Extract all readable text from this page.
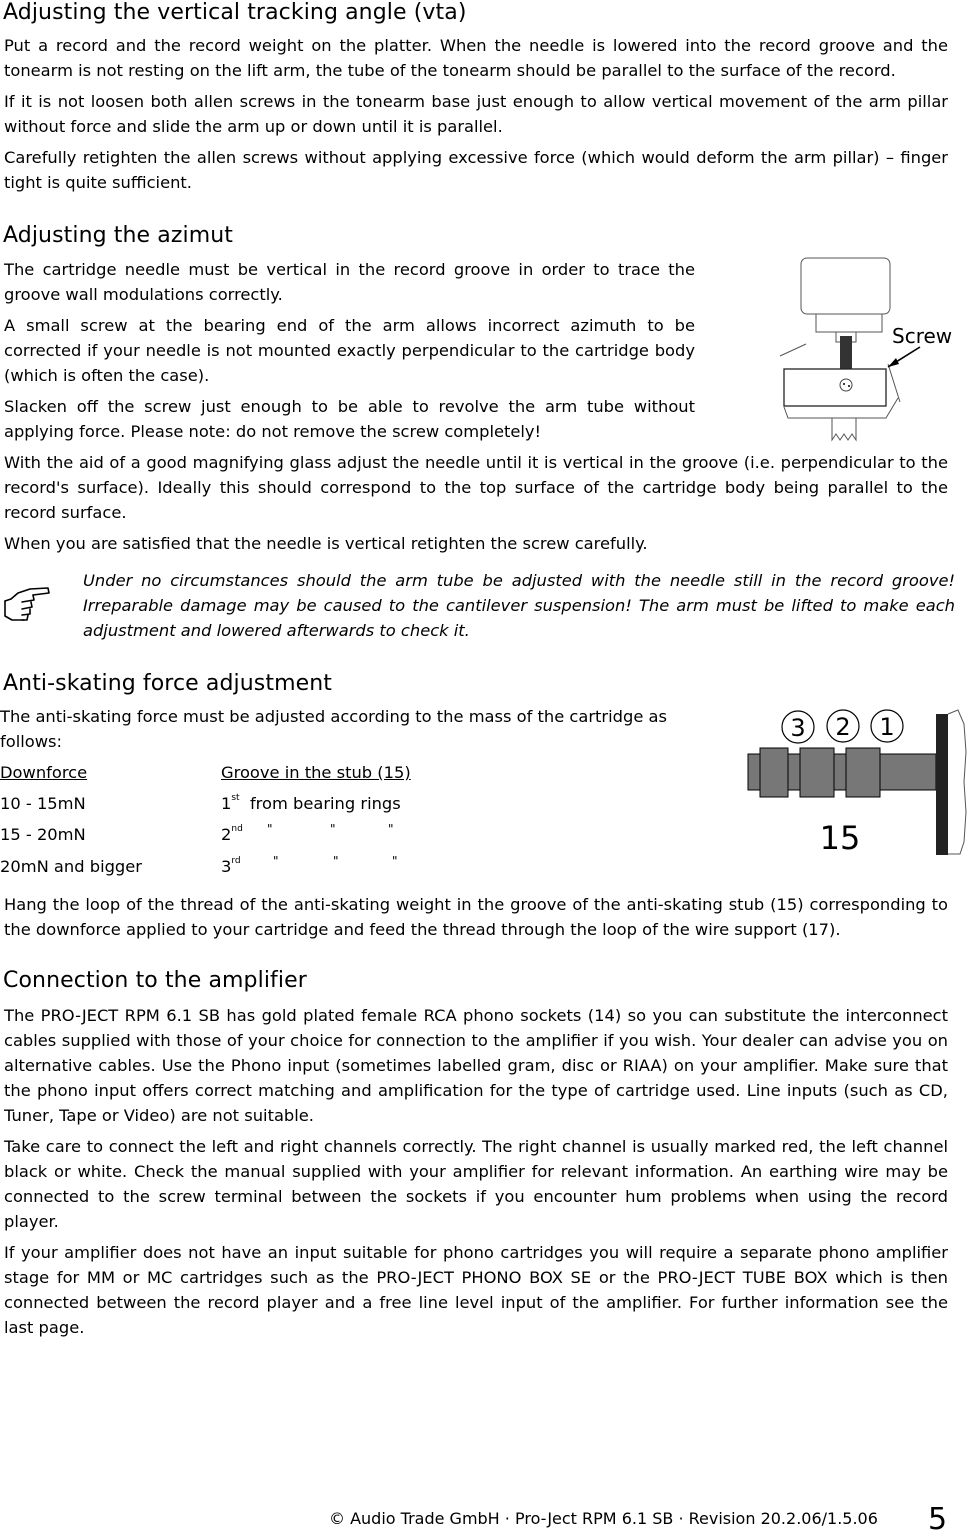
Adjusting the vertical tracking angle (vta)

Put a record and the record weight on the platter. When the needle is lowered into the record groove and the tonearm is not resting on the lift arm, the tube of the tonearm should be parallel to the surface of the record.

If it is not loosen both allen screws in the tonearm base just enough to allow vertical movement of the arm pillar without force and slide the arm up or down until it is parallel.

Carefully retighten the allen screws without applying excessive force (which would deform the arm pillar) – finger tight is quite sufficient.

Adjusting the azimut

The cartridge needle must be vertical in the record groove in order to trace the groove wall modulations correctly.

A small screw at the bearing end of the arm allows incorrect azimuth to be corrected if your needle is not mounted exactly perpendicular to the cartridge body (which is often the case).

Slacken off the screw just enough to be able to revolve the arm tube without applying force. Please note: do not remove the screw completely!

Screw

With the aid of a good magnifying glass adjust the needle until it is vertical in the groove (i.e. perpendicular to the record's surface). Ideally this should correspond to the top surface of the cartridge body being parallel to the record surface.

When you are satisfied that the needle is vertical retighten the screw carefully.

Under no circumstances should the arm tube be adjusted with the needle still in the record groove! Irreparable damage may be caused to the cantilever suspension! The arm must be lifted to make each adjustment and lowered afterwards to check it.

Anti-skating force adjustment

The anti-skating force must be adjusted according to the mass of the cartridge as follows:

Downforce	Groove in the stub (15)
10 - 15mN	1st from bearing rings
15 - 20mN	2nd "	"	"
20mN and bigger	3rd	"	"	"
3 2 1
15

Hang the loop of the thread of the anti-skating weight in the groove of the anti-skating stub (15) corresponding to the downforce applied to your cartridge and feed the thread through the loop of the wire support (17).

Connection to the amplifier

The PRO-JECT RPM 6.1 SB has gold plated female RCA phono sockets (14) so you can substitute the interconnect cables supplied with those of your choice for connection to the amplifier if you wish. Your dealer can advise you on alternative cables. Use the Phono input (sometimes labelled gram, disc or RIAA) on your amplifier. Make sure that the phono input offers correct matching and amplification for the type of cartridge used. Line inputs (such as CD, Tuner, Tape or Video) are not suitable.

Take care to connect the left and right channels correctly. The right channel is usually marked red, the left channel black or white. Check the manual supplied with your amplifier for relevant information. An earthing wire may be connected to the screw terminal between the sockets if you encounter hum problems when using the record player.

If your amplifier does not have an input suitable for phono cartridges you will require a separate phono amplifier stage for MM or MC cartridges such as the PRO-JECT PHONO BOX SE or the PRO-JECT TUBE BOX which is then connected between the record player and a free line level input of the amplifier. For further information see the last page.

© Audio Trade GmbH · Pro-Ject RPM 6.1 SB · Revision 20.2.06/1.5.06 5
